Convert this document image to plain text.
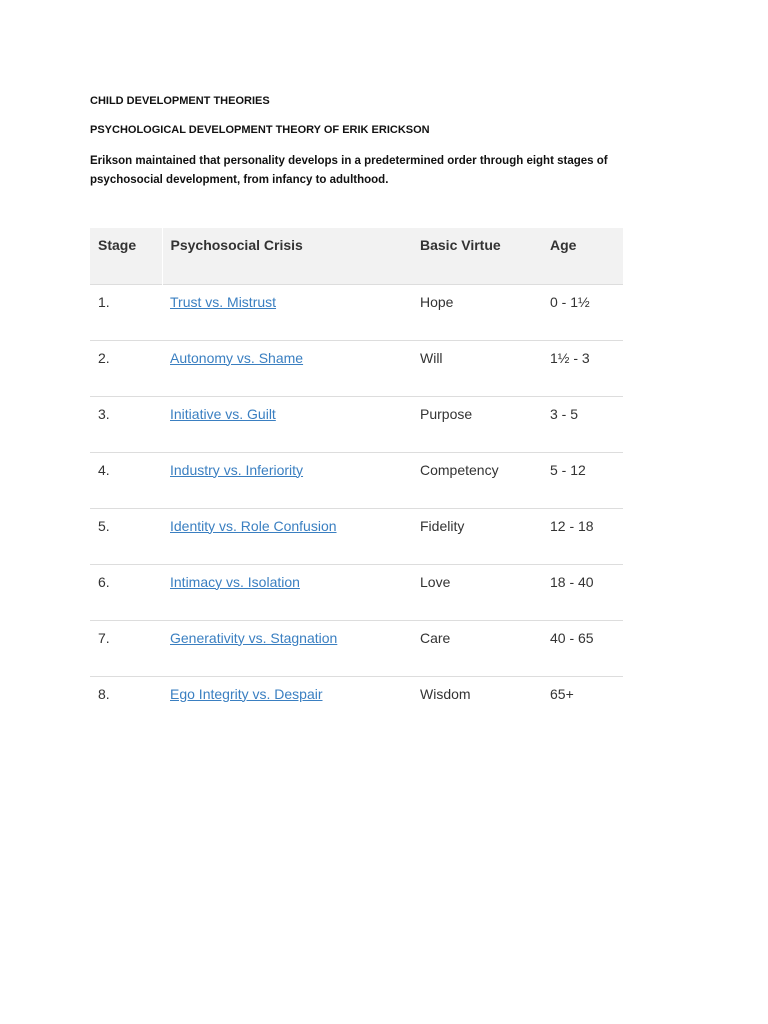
CHILD DEVELOPMENT THEORIES
PSYCHOLOGICAL DEVELOPMENT THEORY OF ERIK ERICKSON
Erikson maintained that personality develops in a predetermined order through eight stages of psychosocial development, from infancy to adulthood.
Stage	Psychosocial Crisis	Basic Virtue	Age
1.	Trust vs. Mistrust	Hope	0 - 1½
2.	Autonomy vs. Shame	Will	1½ - 3
3.	Initiative vs. Guilt	Purpose	3 - 5
4.	Industry vs. Inferiority	Competency	5 - 12
5.	Identity vs. Role Confusion	Fidelity	12 - 18
6.	Intimacy vs. Isolation	Love	18 - 40
7.	Generativity vs. Stagnation	Care	40 - 65
8.	Ego Integrity vs. Despair	Wisdom	65+
